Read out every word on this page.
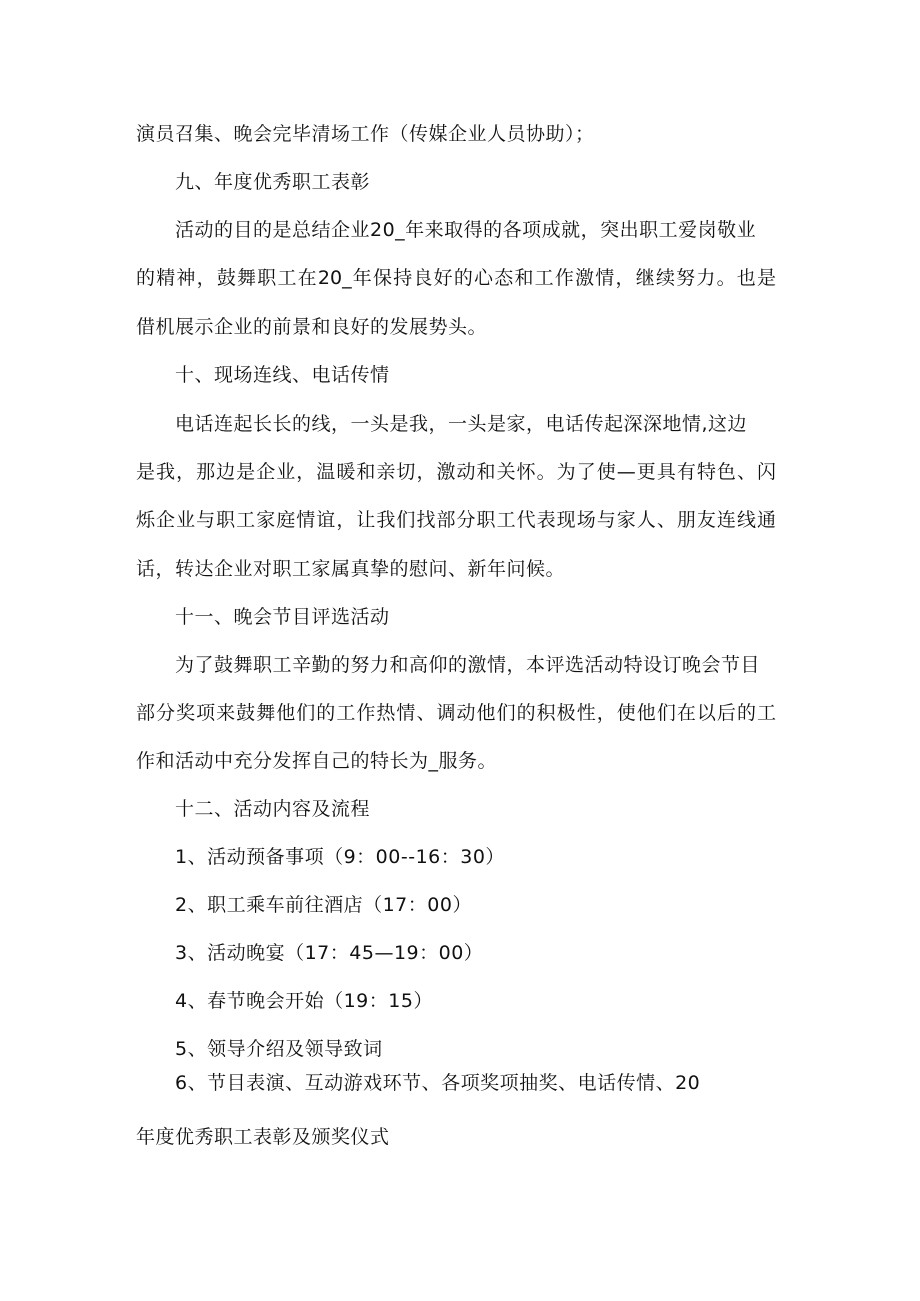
演员召集、晚会完毕清场工作（传媒企业人员协助）；
九、年度优秀职工表彰
活动的目的是总结企业20_年来取得的各项成就，突出职工爱岗敬业
的精神，鼓舞职工在20_年保持良好的心态和工作激情，继续努力。也是
借机展示企业的前景和良好的发展势头。
十、现场连线、电话传情
电话连起长长的线，一头是我，一头是家，电话传起深深地情,这边
是我，那边是企业，温暖和亲切，激动和关怀。为了使—更具有特色、闪
烁企业与职工家庭情谊，让我们找部分职工代表现场与家人、朋友连线通
话，转达企业对职工家属真挚的慰问、新年问候。
十一、晚会节目评选活动
为了鼓舞职工辛勤的努力和高仰的激情，本评选活动特设订晚会节目
部分奖项来鼓舞他们的工作热情、调动他们的积极性，使他们在以后的工
作和活动中充分发挥自己的特长为_服务。
十二、活动内容及流程
1、活动预备事项（9：00--16：30）
2、职工乘车前往酒店（17：00）
3、活动晚宴（17：45—19：00）
4、春节晚会开始（19：15）
5、领导介绍及领导致词
6、节目表演、互动游戏环节、各项奖项抽奖、电话传情、20
年度优秀职工表彰及颁奖仪式
